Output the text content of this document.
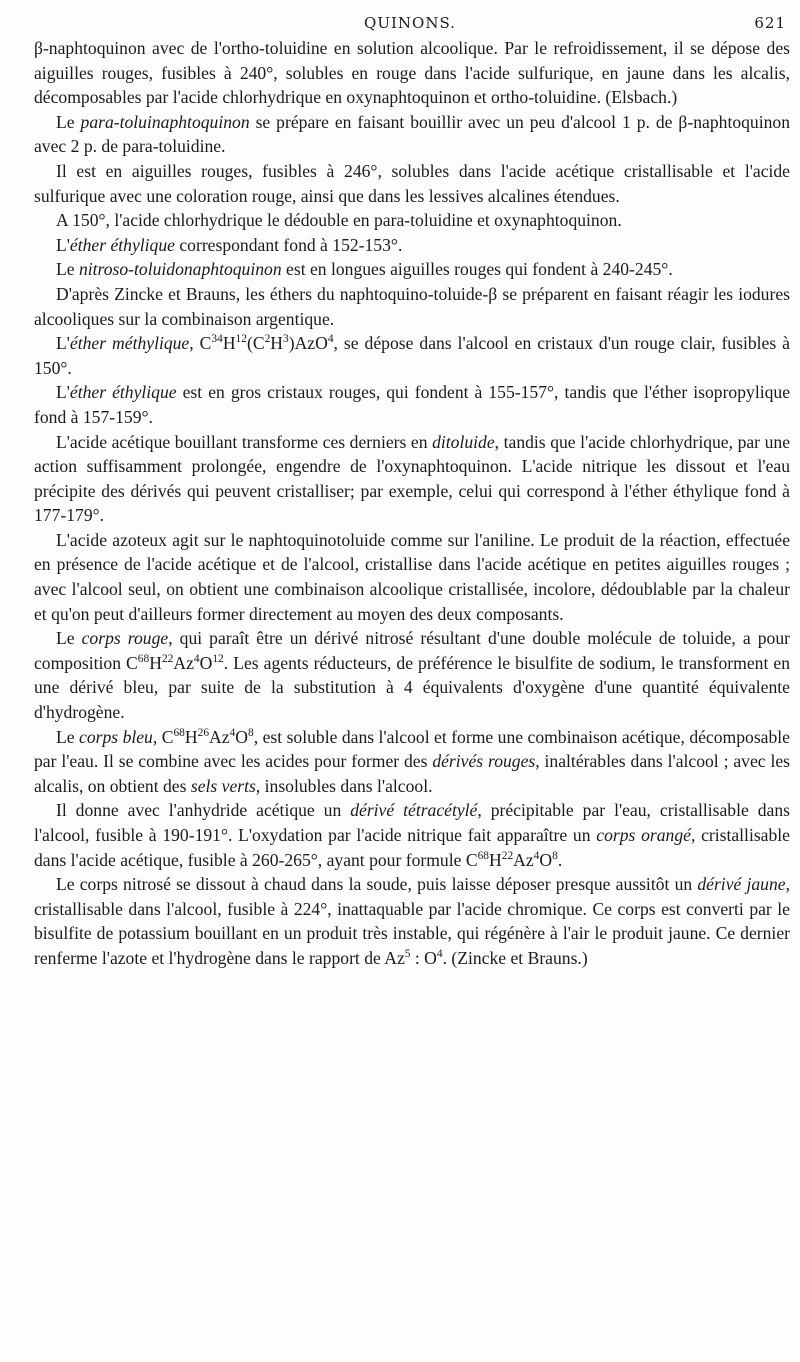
QUINONS.	621

β-naphtoquinon avec de l'ortho-toluidine en solution alcoolique. Par le refroidissement, il se dépose des aiguilles rouges, fusibles à 240°, solubles en rouge dans l'acide sulfurique, en jaune dans les alcalis, décomposables par l'acide chlorhydrique en oxynaphtoquinon et ortho-toluidine. (Elsbach.)

Le para-toluinaphtoquinon se prépare en faisant bouillir avec un peu d'alcool 1 p. de β-naphtoquinon avec 2 p. de para-toluidine.

Il est en aiguilles rouges, fusibles à 246°, solubles dans l'acide acétique cristallisable et l'acide sulfurique avec une coloration rouge, ainsi que dans les lessives alcalines étendues.

A 150°, l'acide chlorhydrique le dédouble en para-toluidine et oxynaphtoquinon.

L'éther éthylique correspondant fond à 152-153°.

Le nitroso-toluidonaphtoquinon est en longues aiguilles rouges qui fondent à 240-245°.

D'après Zincke et Brauns, les éthers du naphtoquino-toluide-β se préparent en faisant réagir les iodures alcooliques sur la combinaison argentique.

L'éther méthylique, $C^{34}H^{12}(C^2H^3)AzO^4$, se dépose dans l'alcool en cristaux d'un rouge clair, fusibles à 150°.

L'éther éthylique est en gros cristaux rouges, qui fondent à 155-157°, tandis que l'éther isopropylique fond à 157-159°.

L'acide acétique bouillant transforme ces derniers en ditoluide, tandis que l'acide chlorhydrique, par une action suffisamment prolongée, engendre de l'oxynaphtoquinon. L'acide nitrique les dissout et l'eau précipite des dérivés qui peuvent cristalliser; par exemple, celui qui correspond à l'éther éthylique fond à 177-179°.

L'acide azoteux agit sur le naphtoquinotoluide comme sur l'aniline. Le produit de la réaction, effectuée en présence de l'acide acétique et de l'alcool, cristallise dans l'acide acétique en petites aiguilles rouges ; avec l'alcool seul, on obtient une combinaison alcoolique cristallisée, incolore, dédoublable par la chaleur et qu'on peut d'ailleurs former directement au moyen des deux composants.

Le corps rouge, qui paraît être un dérivé nitrosé résultant d'une double molécule de toluide, a pour composition $C^{68}H^{22}Az^4O^{12}$. Les agents réducteurs, de préférence le bisulfite de sodium, le transforment en une dérivé bleu, par suite de la substitution à 4 équivalents d'oxygène d'une quantité équivalente d'hydrogène.

Le corps bleu, $C^{68}H^{26}Az^4O^8$, est soluble dans l'alcool et forme une combinaison acétique, décomposable par l'eau. Il se combine avec les acides pour former des dérivés rouges, inaltérables dans l'alcool ; avec les alcalis, on obtient des sels verts, insolubles dans l'alcool.

Il donne avec l'anhydride acétique un dérivé tétracétylé, précipitable par l'eau, cristallisable dans l'alcool, fusible à 190-191°. L'oxydation par l'acide nitrique fait apparaître un corps orangé, cristallisable dans l'acide acétique, fusible à 260-265°, ayant pour formule $C^{68}H^{22}Az^4O^8$.

Le corps nitrosé se dissout à chaud dans la soude, puis laisse déposer presque aussitôt un dérivé jaune, cristallisable dans l'alcool, fusible à 224°, inattaquable par l'acide chromique. Ce corps est converti par le bisulfite de potassium bouillant en un produit très instable, qui régénère à l'air le produit jaune. Ce dernier renferme l'azote et l'hydrogène dans le rapport de Az$^5$ : $O^4$. (Zincke et Brauns.)
